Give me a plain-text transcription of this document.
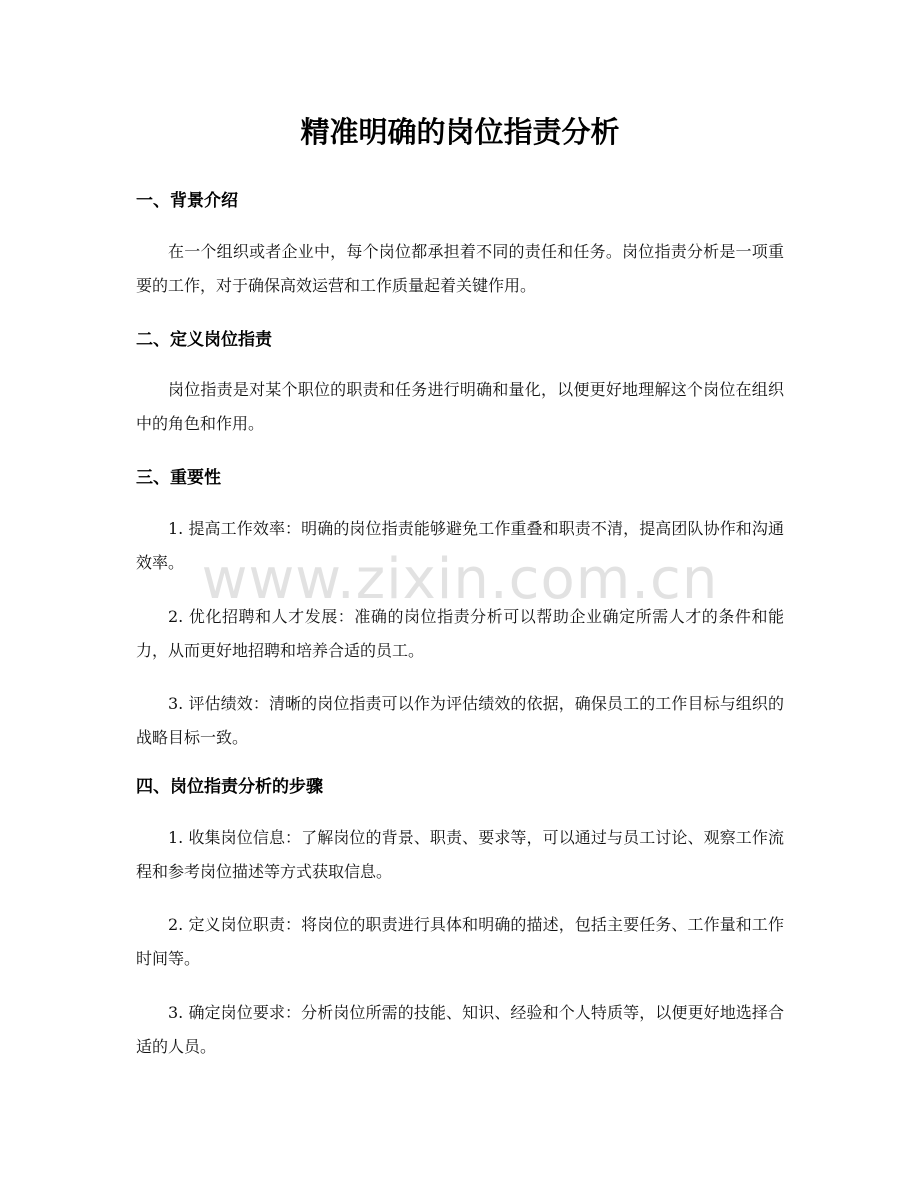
精准明确的岗位指责分析
一、背景介绍

在一个组织或者企业中，每个岗位都承担着不同的责任和任务。岗位指责分析是一项重要的工作，对于确保高效运营和工作质量起着关键作用。

二、定义岗位指责

岗位指责是对某个职位的职责和任务进行明确和量化，以便更好地理解这个岗位在组织中的角色和作用。

三、重要性

1. 提高工作效率：明确的岗位指责能够避免工作重叠和职责不清，提高团队协作和沟通效率。

2. 优化招聘和人才发展：准确的岗位指责分析可以帮助企业确定所需人才的条件和能力，从而更好地招聘和培养合适的员工。

3. 评估绩效：清晰的岗位指责可以作为评估绩效的依据，确保员工的工作目标与组织的战略目标一致。

四、岗位指责分析的步骤

1. 收集岗位信息：了解岗位的背景、职责、要求等，可以通过与员工讨论、观察工作流程和参考岗位描述等方式获取信息。

2. 定义岗位职责：将岗位的职责进行具体和明确的描述，包括主要任务、工作量和工作时间等。

3. 确定岗位要求：分析岗位所需的技能、知识、经验和个人特质等，以便更好地选择合适的人员。

www.zixin.com.cn
